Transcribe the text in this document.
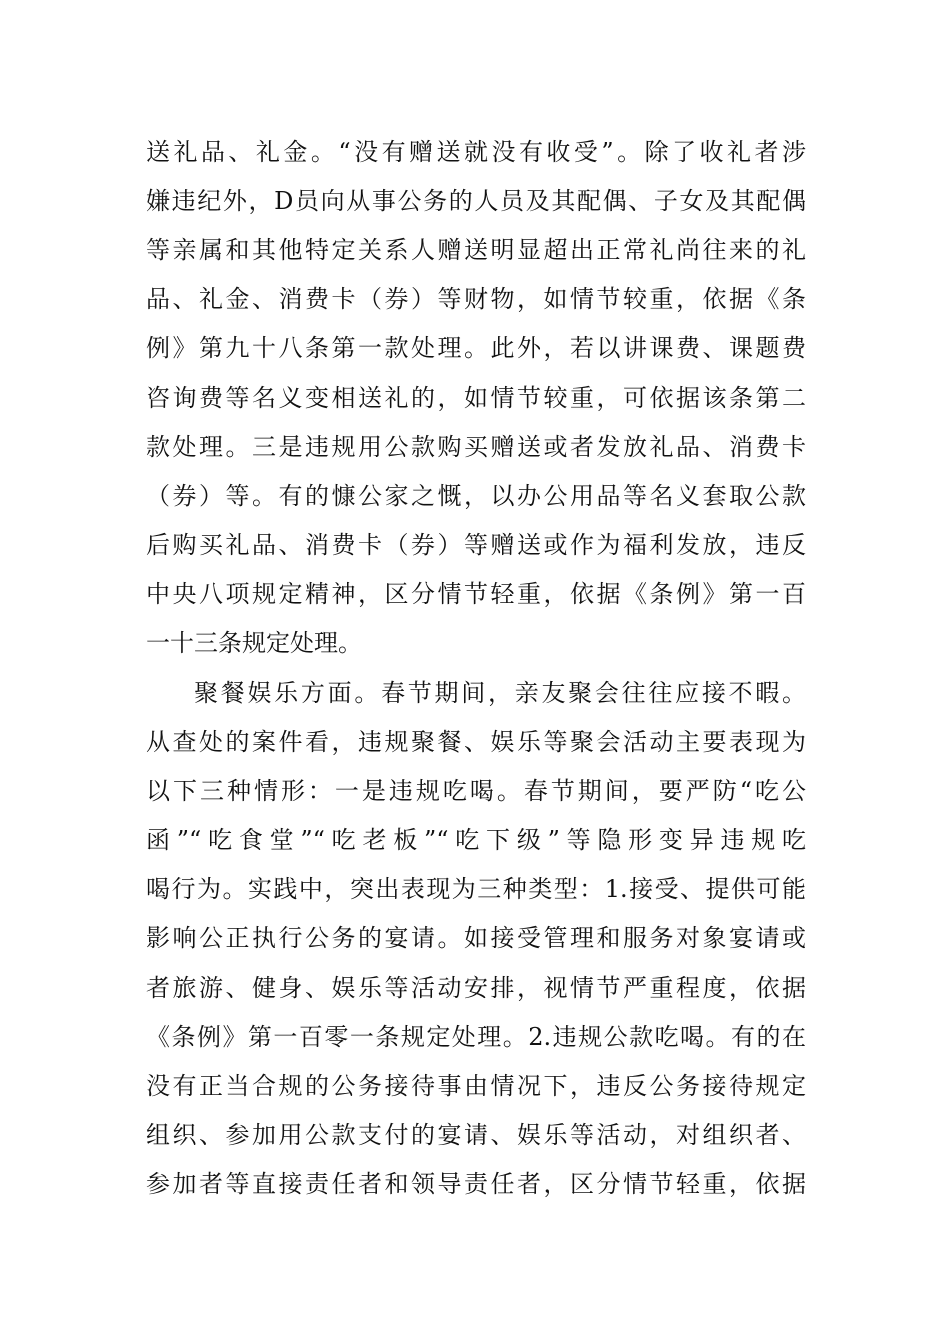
送礼品、礼金。“没有赠送就没有收受”。除了收礼者涉
嫌违纪外，D员向从事公务的人员及其配偶、子女及其配偶
等亲属和其他特定关系人赠送明显超出正常礼尚往来的礼
品、礼金、消费卡（券）等财物，如情节较重，依据《条
例》第九十八条第一款处理。此外，若以讲课费、课题费
咨询费等名义变相送礼的，如情节较重，可依据该条第二
款处理。三是违规用公款购买赠送或者发放礼品、消费卡
（券）等。有的慷公家之慨，以办公用品等名义套取公款
后购买礼品、消费卡（券）等赠送或作为福利发放，违反
中央八项规定精神，区分情节轻重，依据《条例》第一百
一十三条规定处理。
聚餐娱乐方面。春节期间，亲友聚会往往应接不暇。
从查处的案件看，违规聚餐、娱乐等聚会活动主要表现为
以下三种情形：一是违规吃喝。春节期间，要严防“吃公
函”“吃食堂”“吃老板”“吃下级”等隐形变异违规吃
喝行为。实践中，突出表现为三种类型：1.接受、提供可能
影响公正执行公务的宴请。如接受管理和服务对象宴请或
者旅游、健身、娱乐等活动安排，视情节严重程度，依据
《条例》第一百零一条规定处理。2.违规公款吃喝。有的在
没有正当合规的公务接待事由情况下，违反公务接待规定
组织、参加用公款支付的宴请、娱乐等活动，对组织者、
参加者等直接责任者和领导责任者，区分情节轻重，依据
